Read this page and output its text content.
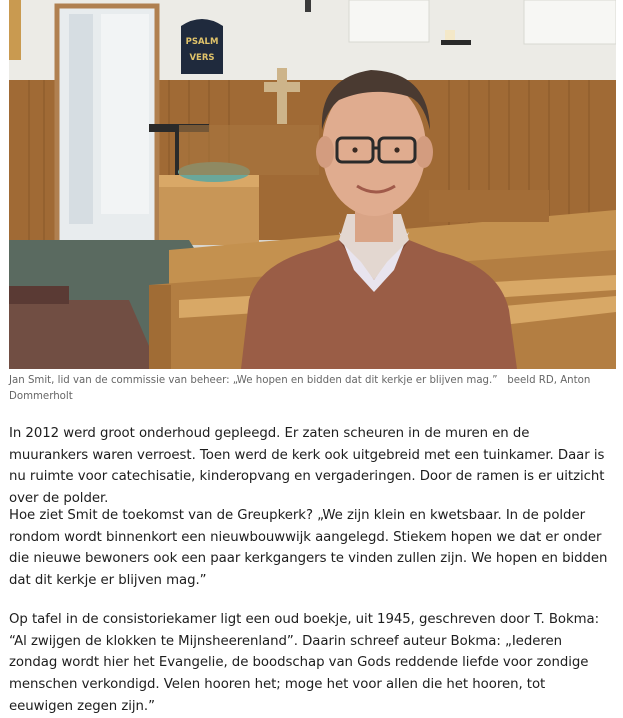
PSALM
VERS
Jan Smit, lid van de commissie van beheer: „We hopen en bidden dat dit kerkje er blijven mag.” beeld RD, Anton Dommerholt

In 2012 werd groot onderhoud gepleegd. Er zaten scheuren in de muren en de muurankers waren verroest. Toen werd de kerk ook uitgebreid met een tuinkamer. Daar is nu ruimte voor catechisatie, kinderopvang en vergaderingen. Door de ramen is er uitzicht over de polder.

Hoe ziet Smit de toekomst van de Greupkerk? „We zijn klein en kwetsbaar. In de polder rondom wordt binnenkort een nieuwbouwwijk aangelegd. Stiekem hopen we dat er onder die nieuwe bewoners ook een paar kerkgangers te vinden zullen zijn. We hopen en bidden dat dit kerkje er blijven mag.”

Op tafel in de consistoriekamer ligt een oud boekje, uit 1945, geschreven door T. Bokma: “Al zwijgen de klokken te Mijnsheerenland”. Daarin schreef auteur Bokma: „Iederen zondag wordt hier het Evangelie, de boodschap van Gods reddende liefde voor zondige menschen verkondigd. Velen hooren het; moge het voor allen die het hooren, tot eeuwigen zegen zijn.”
